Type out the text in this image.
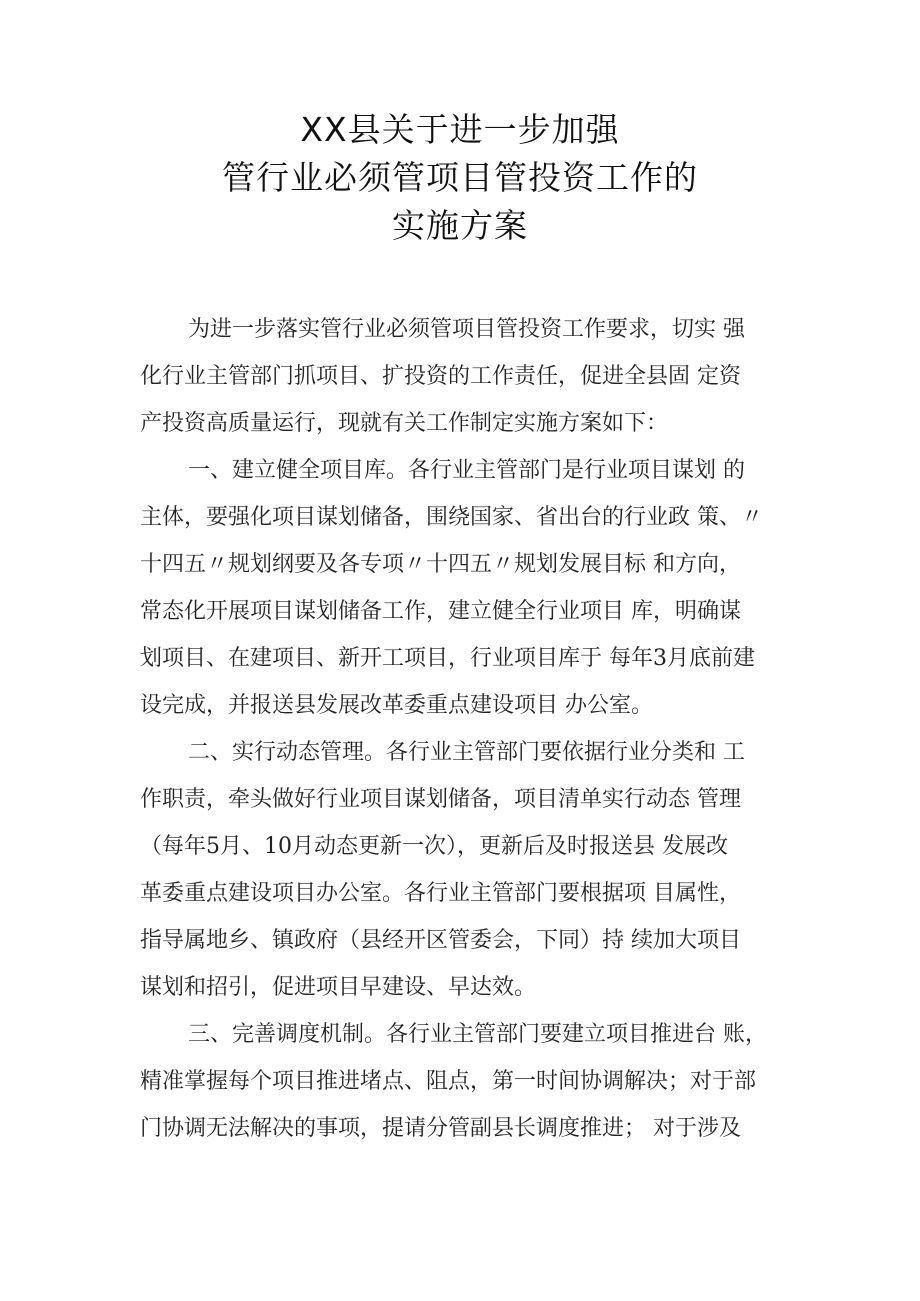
XX县关于进一步加强
管行业必须管项目管投资工作的
实施方案
为进一步落实管行业必须管项目管投资工作要求，切实 强
化行业主管部门抓项目、扩投资的工作责任，促进全县固 定资
产投资高质量运行，现就有关工作制定实施方案如下：
一、建立健全项目库。各行业主管部门是行业项目谋划 的
主体，要强化项目谋划储备，围绕国家、省出台的行业政 策、〃
十四五〃规划纲要及各专项〃十四五〃规划发展目标 和方向，
常态化开展项目谋划储备工作，建立健全行业项目 库，明确谋
划项目、在建项目、新开工项目，行业项目库于 每年3月底前建
设完成，并报送县发展改革委重点建设项目 办公室。
二、实行动态管理。各行业主管部门要依据行业分类和 工
作职责，牵头做好行业项目谋划储备，项目清单实行动态 管理
（每年5月、10月动态更新一次），更新后及时报送县 发展改
革委重点建设项目办公室。各行业主管部门要根据项 目属性，
指导属地乡、镇政府（县经开区管委会，下同）持 续加大项目
谋划和招引，促进项目早建设、早达效。
三、完善调度机制。各行业主管部门要建立项目推进台 账，
精准掌握每个项目推进堵点、阻点，第一时间协调解决；对于部
门协调无法解决的事项，提请分管副县长调度推进； 对于涉及
